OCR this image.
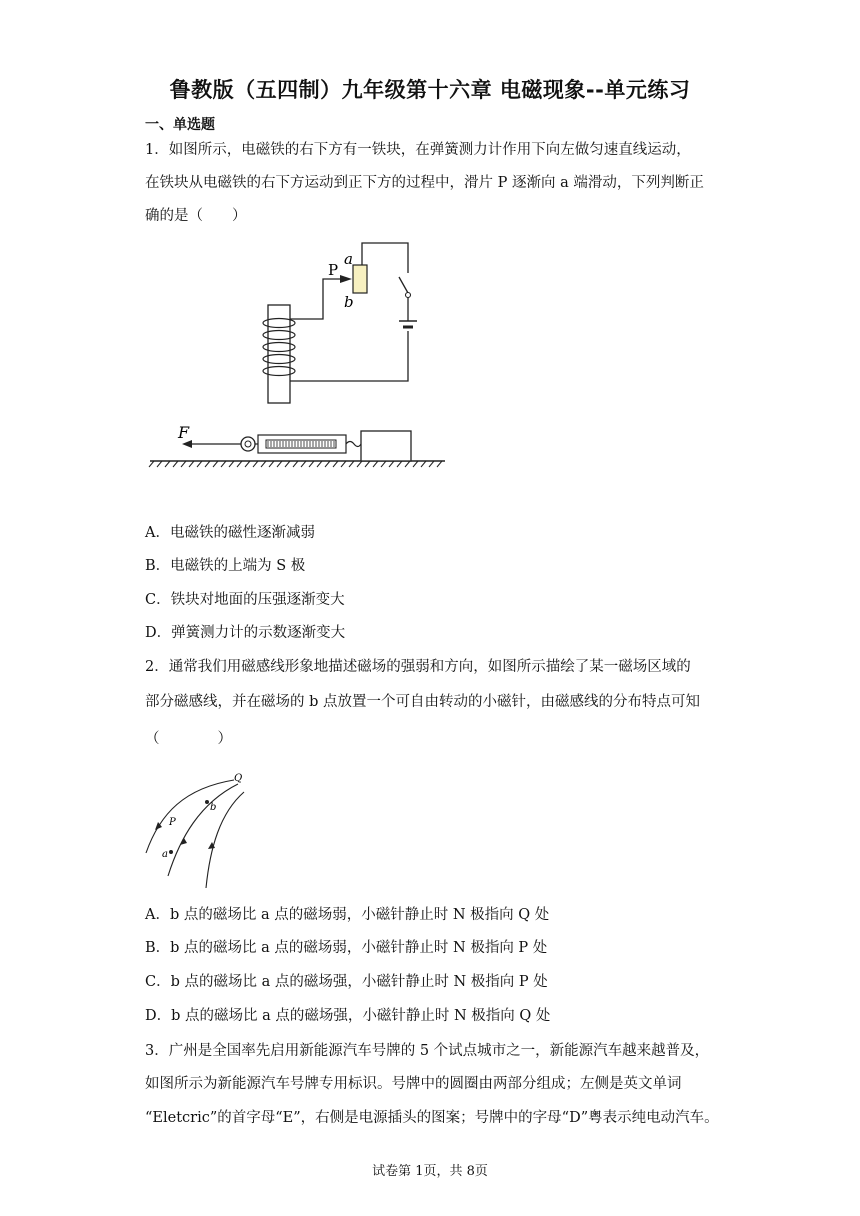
鲁教版（五四制）九年级第十六章 电磁现象--单元练习
一、单选题
1．如图所示，电磁铁的右下方有一铁块，在弹簧测力计作用下向左做匀速直线运动，
在铁块从电磁铁的右下方运动到正下方的过程中，滑片 P 逐渐向 a 端滑动，下列判断正
确的是（　　）
a
P
b
F
A．电磁铁的磁性逐渐减弱
B．电磁铁的上端为 S 极
C．铁块对地面的压强逐渐变大
D．弹簧测力计的示数逐渐变大
2．通常我们用磁感线形象地描述磁场的强弱和方向，如图所示描绘了某一磁场区域的
部分磁感线，并在磁场的 b 点放置一个可自由转动的小磁针，由磁感线的分布特点可知
（　　　　）
Q
b
P
a
A．b 点的磁场比 a 点的磁场弱，小磁针静止时 N 极指向 Q 处
B．b 点的磁场比 a 点的磁场弱，小磁针静止时 N 极指向 P 处
C．b 点的磁场比 a 点的磁场强，小磁针静止时 N 极指向 P 处
D．b 点的磁场比 a 点的磁场强，小磁针静止时 N 极指向 Q 处
3．广州是全国率先启用新能源汽车号牌的 5 个试点城市之一，新能源汽车越来越普及，
如图所示为新能源汽车号牌专用标识。号牌中的圆圈由两部分组成；左侧是英文单词
“Eletcric”的首字母“E”，右侧是电源插头的图案；号牌中的字母“D”粤表示纯电动汽车。
试卷第 1页，共 8页
